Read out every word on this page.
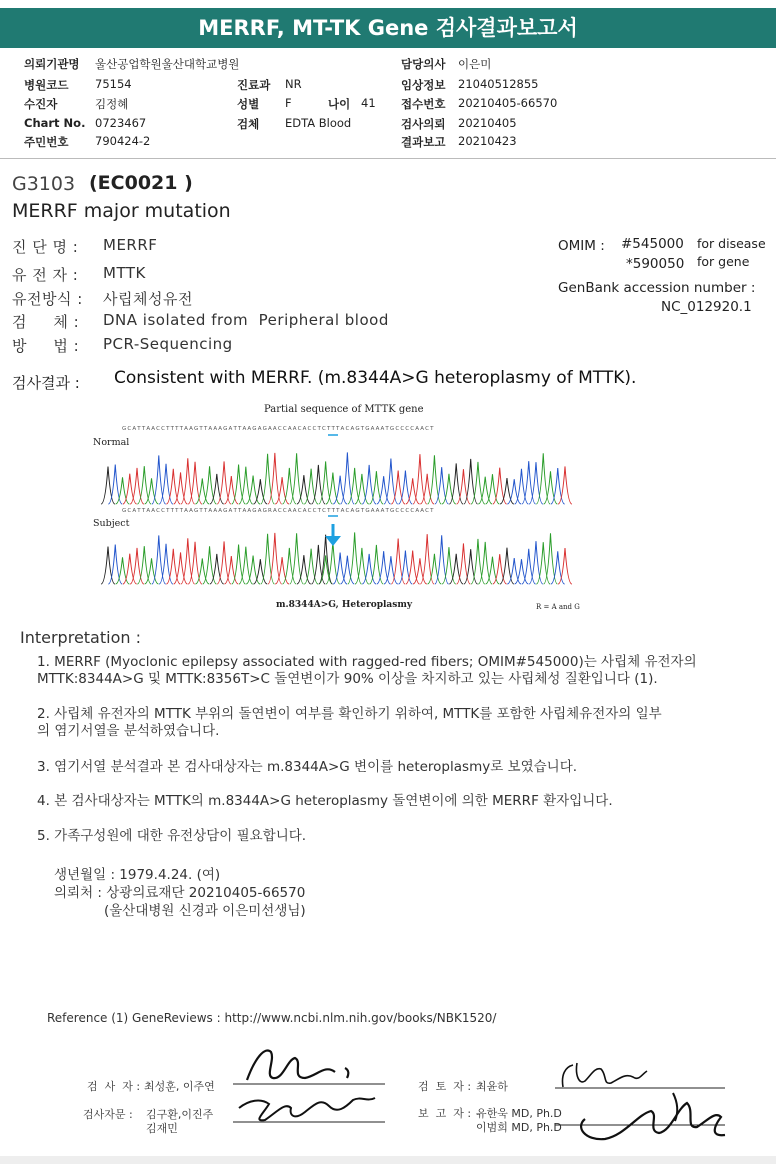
MERRF, MT-TK Gene 검사결과보고서
의뢰기관명 울산공업학원울산대학교병원
병원코드 75154
수진자	김정혜
Chart No. 0723467
주민번호 790424-2
진료과 NR
성별 F
검체 EDTA Blood
나이 41
담당의사 이은미
임상정보 21040512855
접수번호 20210405-66570
검사의뢰 20210405
결과보고 20210423
G3103 (EC0021 )
MERRF major mutation
진 단 명 : MERRF
유 전 자 : MTTK
유전방식 : 사립체성유전
검     체 : DNA isolated from  Peripheral blood
방     법 : PCR-Sequencing
OMIM : #545000 for disease
*590050 for gene
GenBank accession number :
NC_012920.1
검사결과 : Consistent with MERRF. (m.8344A>G heteroplasmy of MTTK).
Partial sequence of MTTK gene
Normal
Subject
G C A T T A A C C T T T T A A G T T A A A G A T T A A G A G A A C C A A C A C C T C T T T A C A G T G A A A T G C C C C A A C T
G C A T T A A C C T T T T A A G T T A A A G A T T A A G A G R A C C A A C A C C T C T T T A C A G T G A A A T G C C C C A A C T
m.8344A>G, Heteroplasmy	R = A and G
Interpretation :
1. MERRF (Myoclonic epilepsy associated with ragged-red fibers; OMIM#545000)는 사립체 유전자의
MTTK:8344A>G 및 MTTK:8356T>C 돌연변이가 90% 이상을 차지하고 있는 사립체성 질환입니다 (1).
2. 사립체 유전자의 MTTK 부위의 돌연변이 여부를 확인하기 위하여, MTTK를 포함한 사립체유전자의 일부
의 염기서열을 분석하였습니다.
3. 염기서열 분석결과 본 검사대상자는 m.8344A>G 변이를 heteroplasmy로 보였습니다.
4. 본 검사대상자는 MTTK의 m.8344A>G heteroplasmy 돌연변이에 의한 MERRF 환자입니다.
5. 가족구성원에 대한 유전상담이 필요합니다.
생년월일 : 1979.4.24. (여)
의뢰처 : 상광의료재단 20210405-66570
(울산대병원 신경과 이은미선생님)
Reference (1) GeneReviews : http://www.ncbi.nlm.nih.gov/books/NBK1520/
검  사  자 : 최성훈, 이주연
검사자문 : 김구환,이진주
김재민
검  토  자 : 최윤하
보  고  자 : 유한욱 MD, Ph.D
이범희 MD, Ph.D
